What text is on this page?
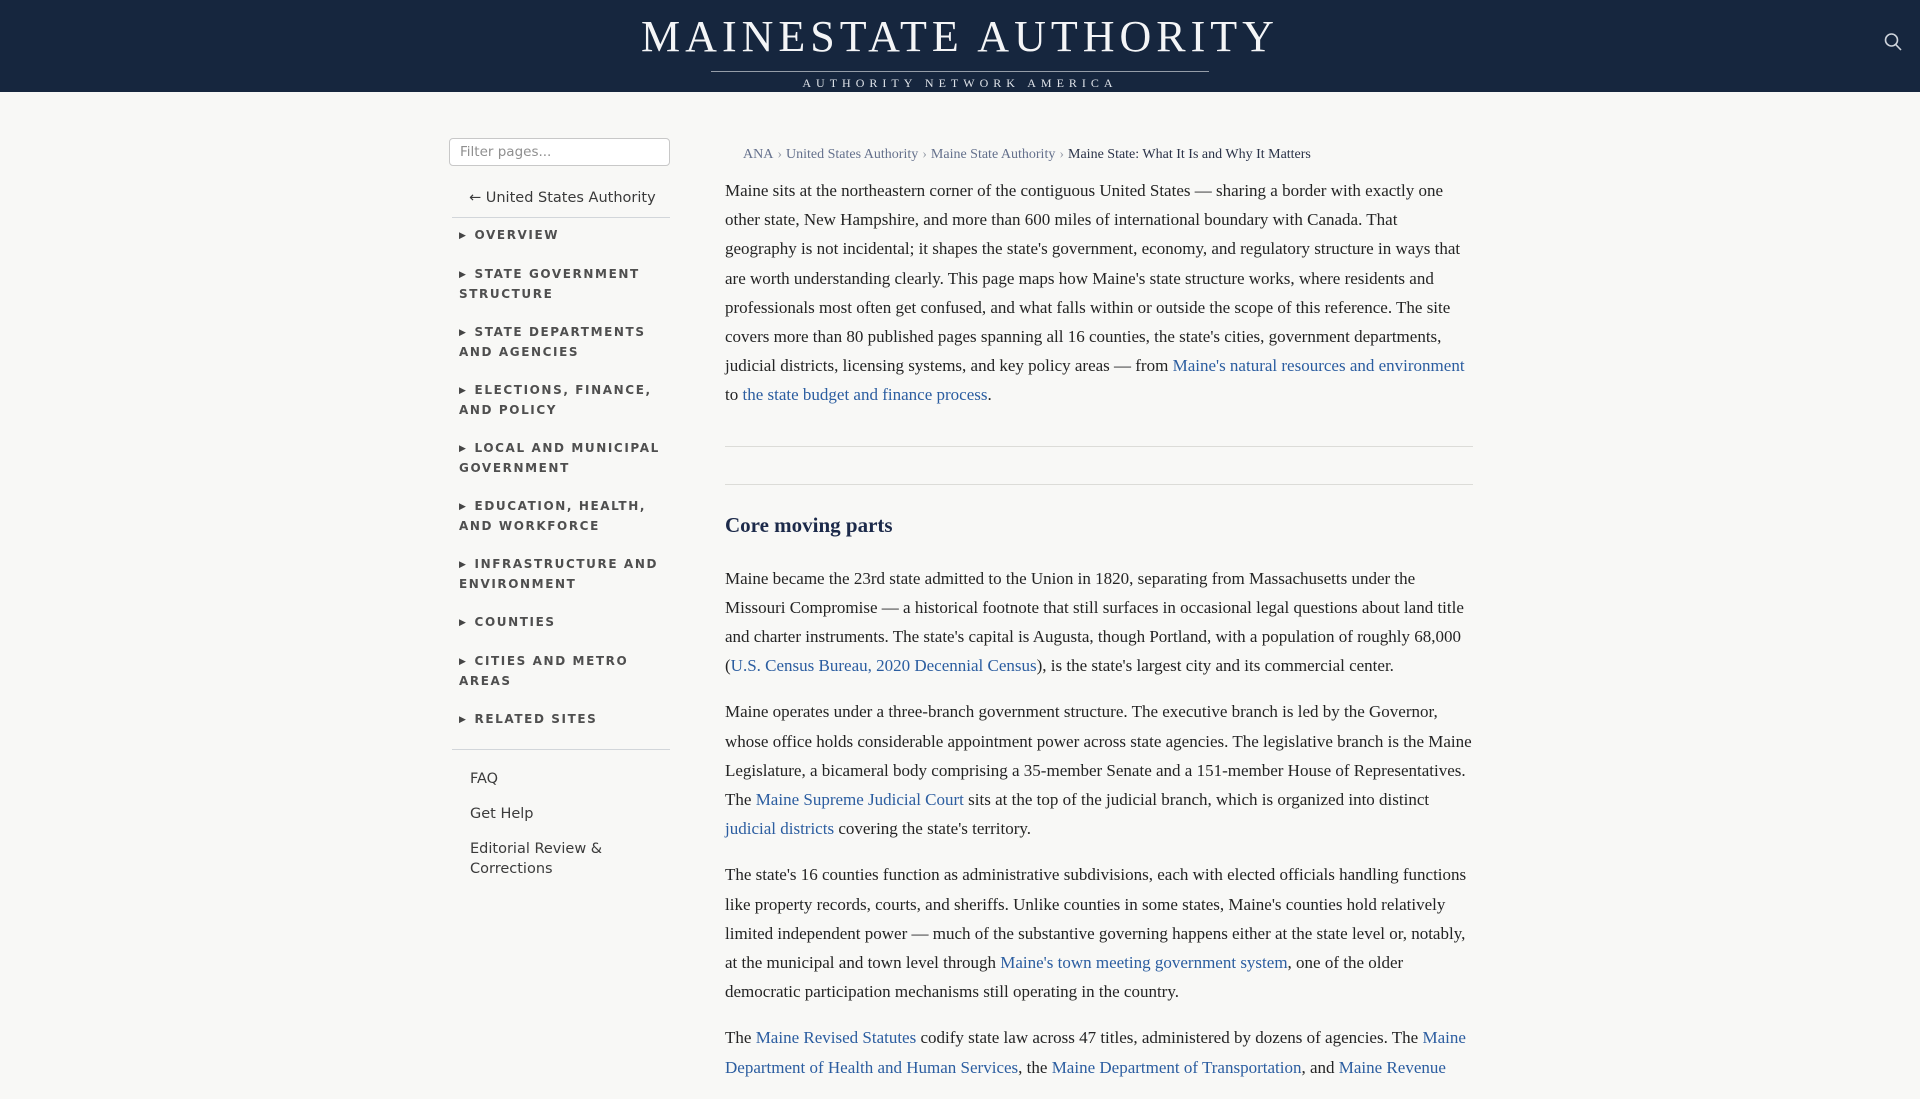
MAINESTATE AUTHORITY
AUTHORITY NETWORK AMERICA
Filter pages...
← United States Authority
▶ OVERVIEW
▶ STATE GOVERNMENT STRUCTURE
▶ STATE DEPARTMENTS AND AGENCIES
▶ ELECTIONS, FINANCE, AND POLICY
▶ LOCAL AND MUNICIPAL GOVERNMENT
▶ EDUCATION, HEALTH, AND WORKFORCE
▶ INFRASTRUCTURE AND ENVIRONMENT
▶ COUNTIES
▶ CITIES AND METRO AREAS
▶ RELATED SITES
FAQ
Get Help
Editorial Review & Corrections
ANA › United States Authority › Maine State Authority › Maine State: What It Is and Why It Matters

Maine sits at the northeastern corner of the contiguous United States — sharing a border with exactly one other state, New Hampshire, and more than 600 miles of international boundary with Canada. That geography is not incidental; it shapes the state's government, economy, and regulatory structure in ways that are worth understanding clearly. This page maps how Maine's state structure works, where residents and professionals most often get confused, and what falls within or outside the scope of this reference. The site covers more than 80 published pages spanning all 16 counties, the state's cities, government departments, judicial districts, licensing systems, and key policy areas — from Maine's natural resources and environment to the state budget and finance process.

Core moving parts

Maine became the 23rd state admitted to the Union in 1820, separating from Massachusetts under the Missouri Compromise — a historical footnote that still surfaces in occasional legal questions about land title and charter instruments. The state's capital is Augusta, though Portland, with a population of roughly 68,000 (U.S. Census Bureau, 2020 Decennial Census), is the state's largest city and its commercial center.

Maine operates under a three-branch government structure. The executive branch is led by the Governor, whose office holds considerable appointment power across state agencies. The legislative branch is the Maine Legislature, a bicameral body comprising a 35-member Senate and a 151-member House of Representatives. The Maine Supreme Judicial Court sits at the top of the judicial branch, which is organized into distinct judicial districts covering the state's territory.

The state's 16 counties function as administrative subdivisions, each with elected officials handling functions like property records, courts, and sheriffs. Unlike counties in some states, Maine's counties hold relatively limited independent power — much of the substantive governing happens either at the state level or, notably, at the municipal and town level through Maine's town meeting government system, one of the older democratic participation mechanisms still operating in the country.

The Maine Revised Statutes codify state law across 47 titles, administered by dozens of agencies. The Maine Department of Health and Human Services, the Maine Department of Transportation, and Maine Revenue
